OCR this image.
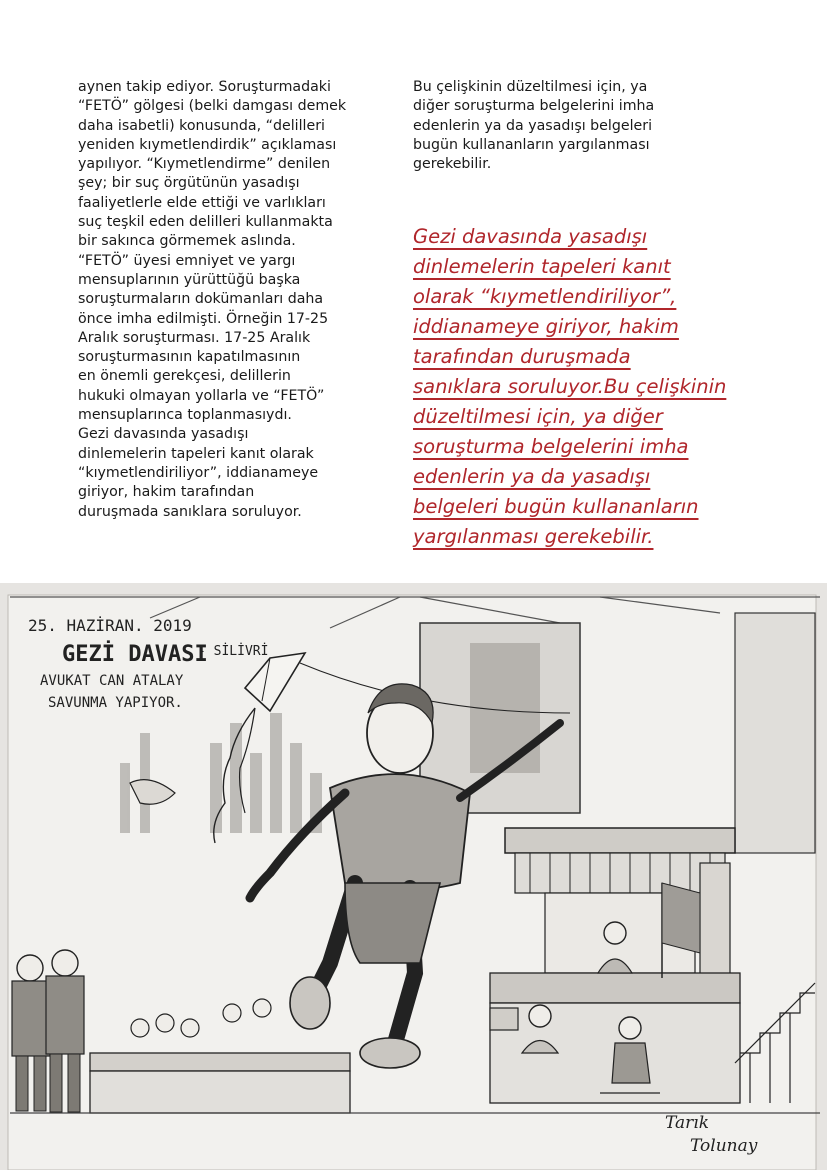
aynen takip ediyor. Soruşturmadaki
“FETÖ” gölgesi (belki damgası demek
daha isabetli) konusunda, “delilleri
yeniden kıymetlendirdik” açıklaması
yapılıyor. “Kıymetlendirme” denilen
şey; bir suç örgütünün yasadışı
faaliyetlerle elde ettiği ve varlıkları
suç teşkil eden delilleri kullanmakta
bir sakınca görmemek aslında.
“FETÖ” üyesi emniyet ve yargı
mensuplarının yürüttüğü başka
soruşturmaların dokümanları daha
önce imha edilmişti. Örneğin 17-25
Aralık soruşturması. 17-25 Aralık
soruşturmasının kapatılmasının
en önemli gerekçesi, delillerin
hukuki olmayan yollarla ve “FETÖ”
mensuplarınca toplanmasıydı.
Gezi davasında yasadışı
dinlemelerin tapeleri kanıt olarak
“kıymetlendiriliyor”, iddianameye
giriyor, hakim tarafından
duruşmada sanıklara soruluyor.

Bu çelişkinin düzeltilmesi için, ya
diğer soruşturma belgelerini imha
edenlerin ya da yasadışı belgeleri
bugün kullananların yargılanması
gerekebilir.

Gezi davasında yasadışı
dinlemelerin tapeleri kanıt
olarak “kıymetlendiriliyor”,
iddianameye giriyor, hakim
tarafından duruşmada
sanıklara soruluyor.Bu çelişkinin
düzeltilmesi için, ya diğer
soruşturma belgelerini imha
edenlerin ya da yasadışı
belgeleri bugün kullananların
yargılanması gerekebilir.
25. HAZİRAN. 2019
GEZİ DAVASI
- SİLİVRİ
AVUKAT CAN ATALAY
SAVUNMA YAPIYOR.
Tarık
Tolunay
